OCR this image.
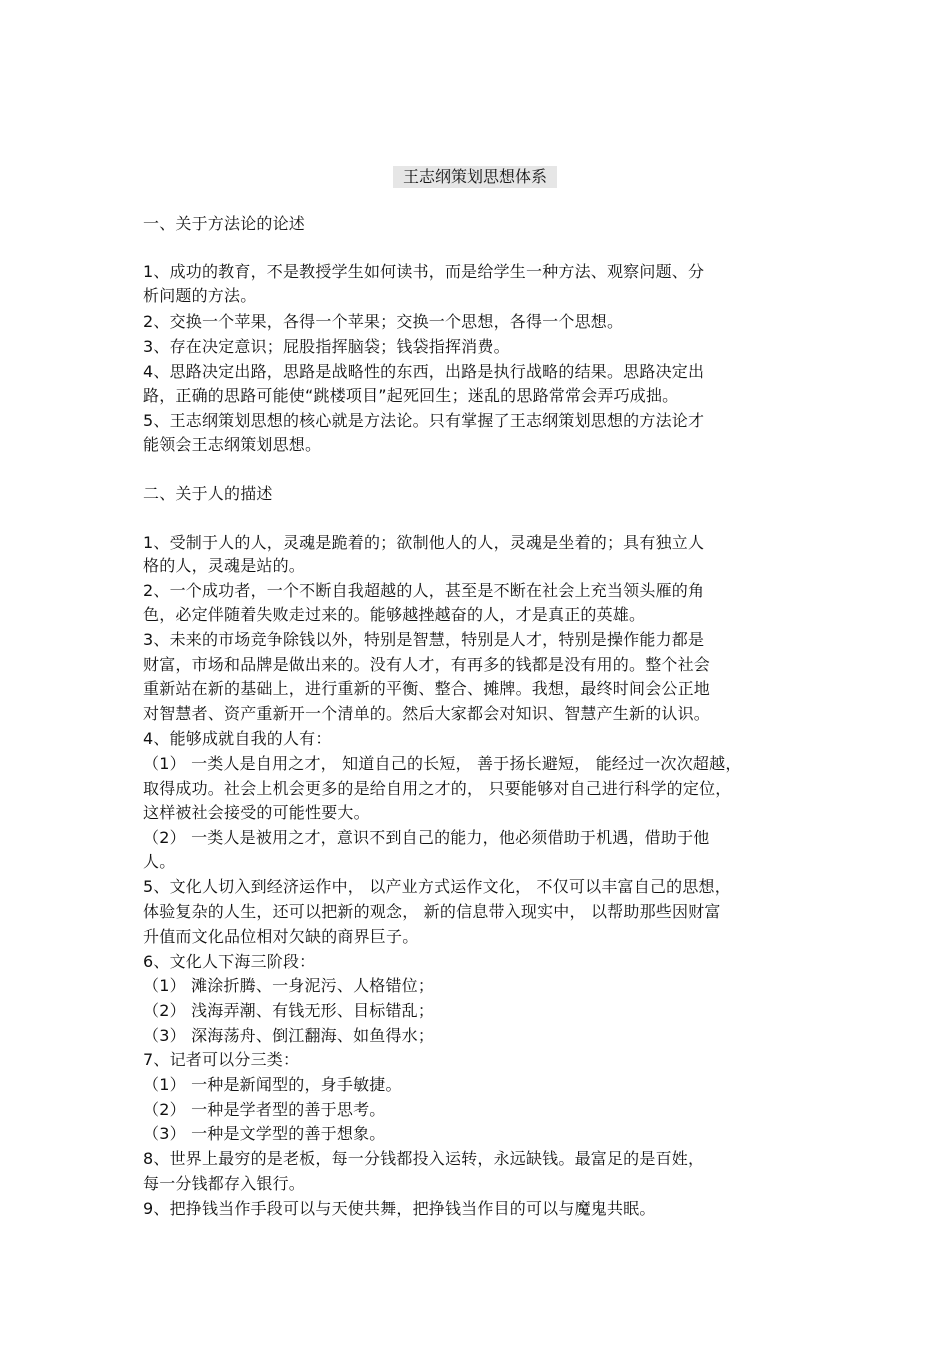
王志纲策划思想体系
一、关于方法论的论述
1、成功的教育，不是教授学生如何读书，而是给学生一种方法、观察问题、分
析问题的方法。
2、交换一个苹果，各得一个苹果；交换一个思想，各得一个思想。
3、存在决定意识；屁股指挥脑袋；钱袋指挥消费。
4、思路决定出路，思路是战略性的东西，出路是执行战略的结果。思路决定出
路，正确的思路可能使“跳楼项目”起死回生；迷乱的思路常常会弄巧成拙。
5、王志纲策划思想的核心就是方法论。只有掌握了王志纲策划思想的方法论才
能领会王志纲策划思想。
二、关于人的描述
1、受制于人的人，灵魂是跪着的；欲制他人的人，灵魂是坐着的；具有独立人
格的人，灵魂是站的。
2、一个成功者，一个不断自我超越的人，甚至是不断在社会上充当领头雁的角
色，必定伴随着失败走过来的。能够越挫越奋的人，才是真正的英雄。
3、未来的市场竞争除钱以外，特别是智慧，特别是人才，特别是操作能力都是
财富，市场和品牌是做出来的。没有人才，有再多的钱都是没有用的。整个社会
重新站在新的基础上，进行重新的平衡、整合、摊牌。我想，最终时间会公正地
对智慧者、资产重新开一个清单的。然后大家都会对知识、智慧产生新的认识。
4、能够成就自我的人有：
（1） 一类人是自用之才， 知道自己的长短， 善于扬长避短， 能经过一次次超越，
取得成功。社会上机会更多的是给自用之才的， 只要能够对自己进行科学的定位，
这样被社会接受的可能性要大。
（2） 一类人是被用之才，意识不到自己的能力，他必须借助于机遇，借助于他
人。
5、文化人切入到经济运作中， 以产业方式运作文化， 不仅可以丰富自己的思想，
体验复杂的人生，还可以把新的观念， 新的信息带入现实中， 以帮助那些因财富
升值而文化品位相对欠缺的商界巨子。
6、文化人下海三阶段：
（1） 滩涂折腾、一身泥污、人格错位；
（2） 浅海弄潮、有钱无形、目标错乱；
（3） 深海荡舟、倒江翻海、如鱼得水；
7、记者可以分三类：
（1） 一种是新闻型的，身手敏捷。
（2） 一种是学者型的善于思考。
（3） 一种是文学型的善于想象。
8、世界上最穷的是老板，每一分钱都投入运转，永远缺钱。最富足的是百姓，
每一分钱都存入银行。
9、把挣钱当作手段可以与天使共舞，把挣钱当作目的可以与魔鬼共眠。
